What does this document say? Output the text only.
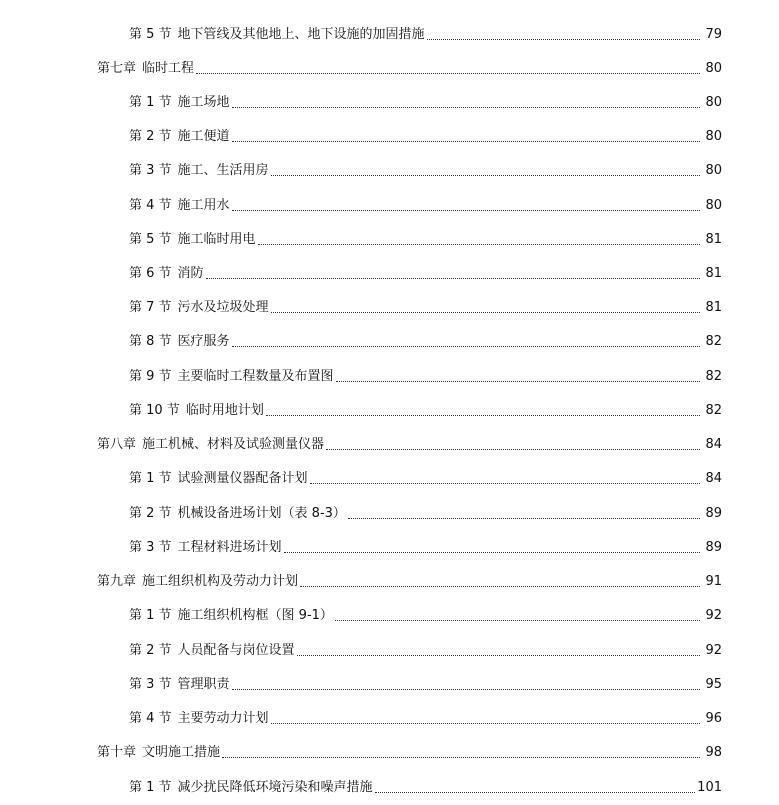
第 5 节 地下管线及其他地上、地下设施的加固措施	79
第七章 临时工程	80
第 1 节 施工场地	80
第 2 节 施工便道	80
第 3 节 施工、生活用房	80
第 4 节 施工用水	80
第 5 节 施工临时用电	81
第 6 节 消防	81
第 7 节 污水及垃圾处理	81
第 8 节 医疗服务	82
第 9 节 主要临时工程数量及布置图	82
第 10 节 临时用地计划	82
第八章 施工机械、材料及试验测量仪器	84
第 1 节 试验测量仪器配备计划	84
第 2 节 机械设备进场计划（表 8-3）	89
第 3 节 工程材料进场计划	89
第九章 施工组织机构及劳动力计划	91
第 1 节 施工组织机构框（图 9-1）	92
第 2 节 人员配备与岗位设置	92
第 3 节 管理职责	95
第 4 节 主要劳动力计划	96
第十章 文明施工措施	98
第 1 节 减少扰民降低环境污染和噪声措施	101
